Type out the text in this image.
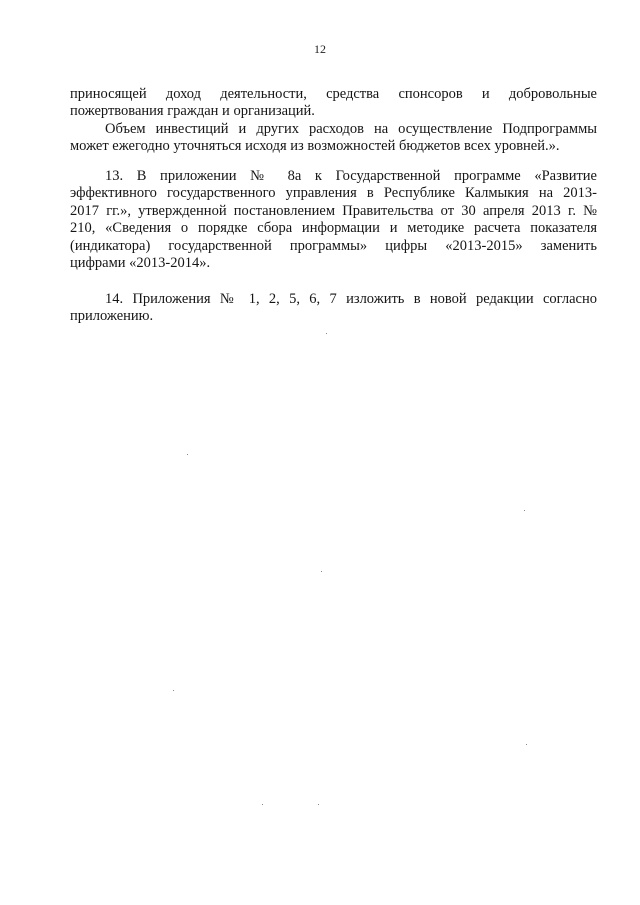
12
приносящей доход деятельности, средства спонсоров и добровольные
пожертвования граждан и организаций.
Объем инвестиций и других расходов на осуществление Подпрограммы
может ежегодно уточняться исходя из возможностей бюджетов всех уровней.».
13. В приложении № 8а к Государственной программе «Развитие
эффективного государственного управления в Республике Калмыкия на 2013-
2017 гг.», утвержденной постановлением Правительства от 30 апреля 2013 г. №
210, «Сведения о порядке сбора информации и методике расчета показателя
(индикатора) государственной программы» цифры «2013-2015» заменить
цифрами «2013-2014».
14. Приложения № 1, 2, 5, 6, 7 изложить в новой редакции согласно
приложению.
